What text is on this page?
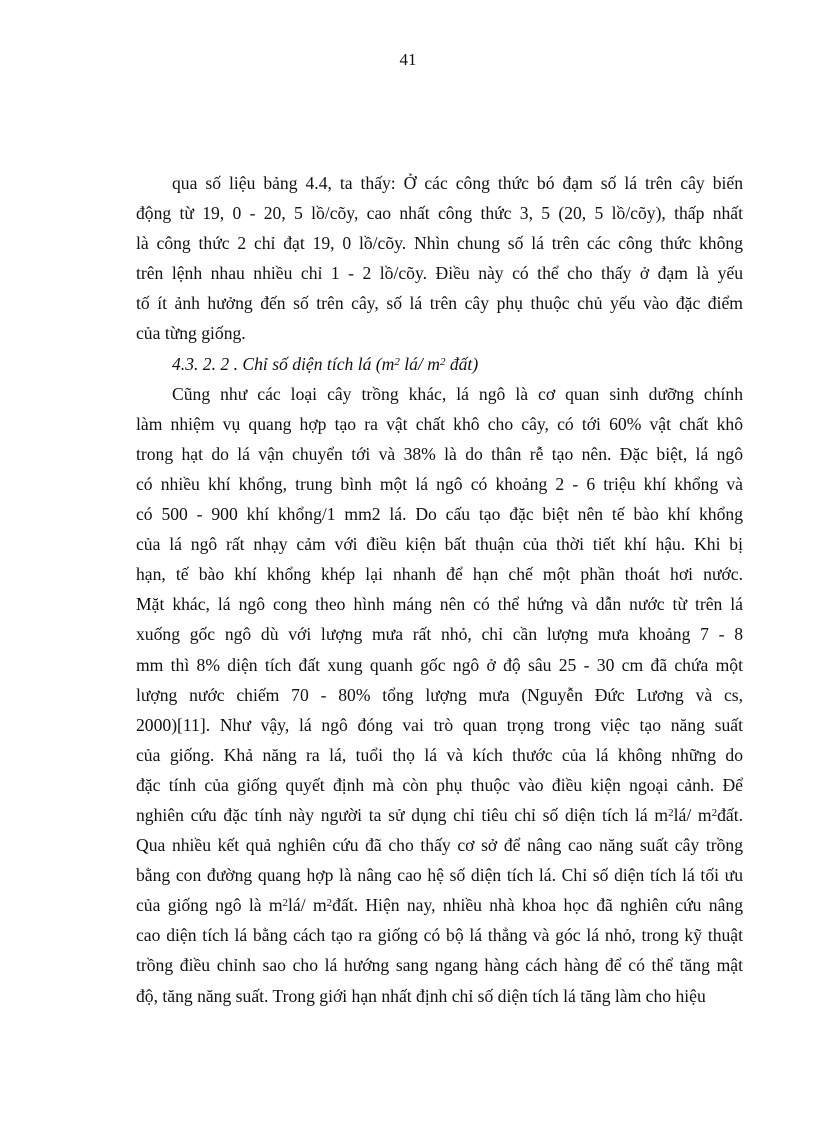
41

qua số liệu bảng 4.4, ta thấy: Ở các công thức bó đạm số lá trên cây biến
động từ 19, 0 - 20, 5 lồ/cõy, cao nhất công thức 3, 5 (20, 5 lồ/cõy), thấp nhất
là công thức 2 chỉ đạt 19, 0 lồ/cõy. Nhìn chung số lá trên các công thức không
trên lệnh nhau nhiều chỉ 1 - 2 lồ/cõy. Điều này có thể cho thấy ở đạm là yếu
tố ít ảnh hưởng đến số trên cây, số lá trên cây phụ thuộc chủ yếu vào đặc điểm
của từng giống.

4.3. 2. 2 . Chỉ số diện tích lá ($m^2$ lá/ $m^2$ đất)

Cũng như các loại cây trồng khác, lá ngô là cơ quan sinh dưỡng chính
làm nhiệm vụ quang hợp tạo ra vật chất khô cho cây, có tới 60% vật chất khô
trong hạt do lá vận chuyển tới và 38% là do thân rễ tạo nên. Đặc biệt, lá ngô
có nhiều khí khổng, trung bình một lá ngô có khoảng 2 - 6 triệu khí khổng và
có 500 - 900 khí khổng/1 mm2 lá. Do cấu tạo đặc biệt nên tế bào khí khổng
của lá ngô rất nhạy cảm với điều kiện bất thuận của thời tiết khí hậu. Khi bị
hạn, tế bào khí khổng khép lại nhanh để hạn chế một phần thoát hơi nước.
Mặt khác, lá ngô cong theo hình máng nên có thể hứng và dẫn nước từ trên lá
xuống gốc ngô dù với lượng mưa rất nhỏ, chỉ cần lượng mưa khoảng 7 - 8
mm thì 8% diện tích đất xung quanh gốc ngô ở độ sâu 25 - 30 cm đã chứa một
lượng nước chiếm 70 - 80% tổng lượng mưa (Nguyễn Đức Lương và cs,
2000)[11]. Như vậy, lá ngô đóng vai trò quan trọng trong việc tạo năng suất
của giống. Khả năng ra lá, tuổi thọ lá và kích thước của lá không những do
đặc tính của giống quyết định mà còn phụ thuộc vào điều kiện ngoại cảnh. Để
nghiên cứu đặc tính này người ta sử dụng chỉ tiêu chỉ số diện tích lá $m^2lá/$ $m^2đất$.
Qua nhiều kết quả nghiên cứu đã cho thấy cơ sở để nâng cao năng suất cây trồng
bằng con đường quang hợp là nâng cao hệ số diện tích lá. Chỉ số diện tích lá tối ưu
của giống ngô là $m^2lá/$ $m^2đất$. Hiện nay, nhiều nhà khoa học đã nghiên cứu nâng
cao diện tích lá bằng cách tạo ra giống có bộ lá thẳng và góc lá nhỏ, trong kỹ thuật
trồng điều chỉnh sao cho lá hướng sang ngang hàng cách hàng để có thể tăng mật
độ, tăng năng suất. Trong giới hạn nhất định chỉ số diện tích lá tăng làm cho hiệu
